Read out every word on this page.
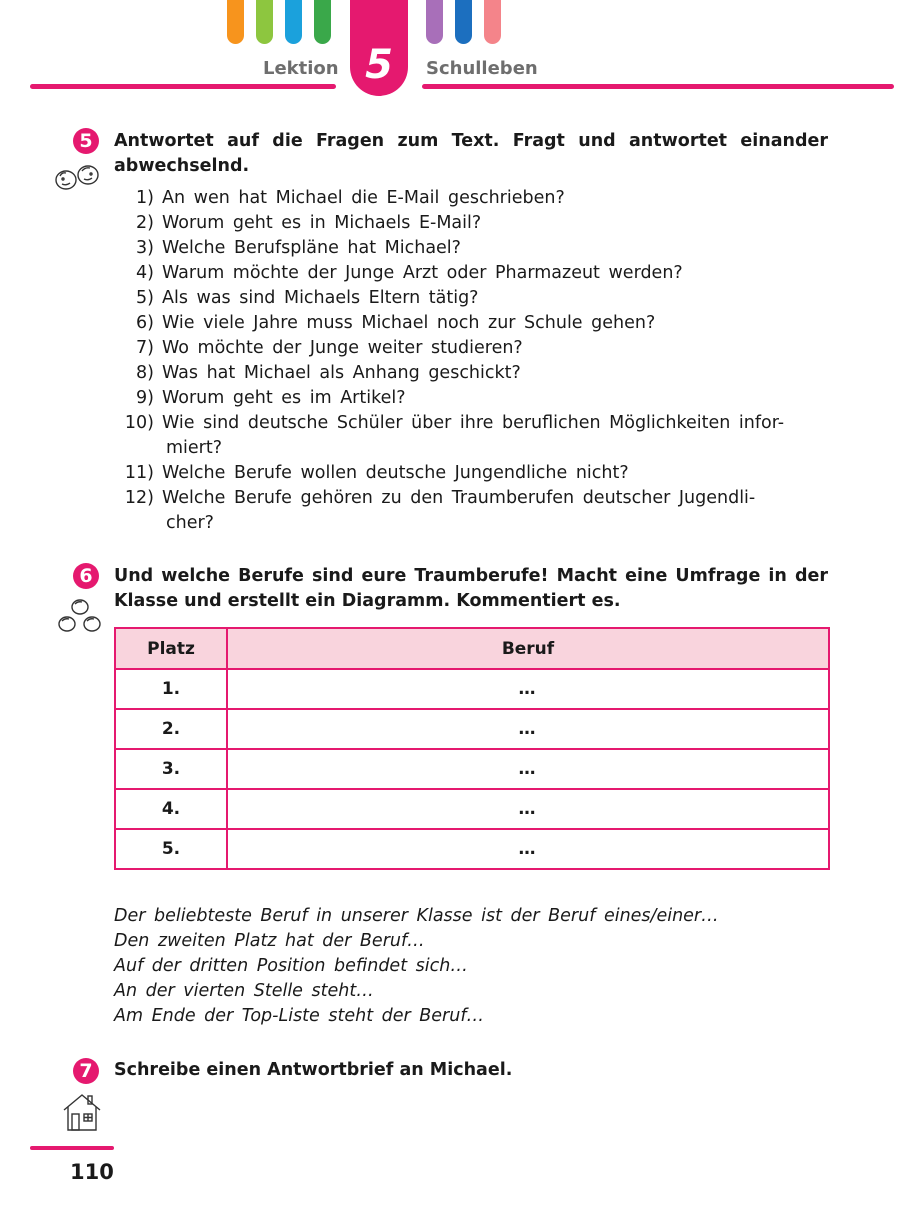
Lektion 5	Schulleben
5	Antwortet auf die Fragen zum Text. Fragt und antwortet einander abwechselnd.
1) An wen hat Michael die E-Mail geschrieben?
2) Worum geht es in Michaels E-Mail?
3) Welche Berufspläne hat Michael?
4) Warum möchte der Junge Arzt oder Pharmazeut werden?
5) Als was sind Michaels Eltern tätig?
6) Wie viele Jahre muss Michael noch zur Schule gehen?
7) Wo möchte der Junge weiter studieren?
8) Was hat Michael als Anhang geschickt?
9) Worum geht es im Artikel?
10) Wie sind deutsche Schüler über ihre beruflichen Möglichkeiten infor-
miert?
11) Welche Berufe wollen deutsche Jungendliche nicht?
12) Welche Berufe gehören zu den Traumberufen deutscher Jugendli-
cher?
6	Und welche Berufe sind eure Traumberufe! Macht eine Umfrage in der Klasse und erstellt ein Diagramm. Kommentiert es.
Platz	Beruf
1.	…
2.	…
3.	…
4.	…
5.	…
Der beliebteste Beruf in unserer Klasse ist der Beruf eines/einer…
Den zweiten Platz hat der Beruf…
Auf der dritten Position befindet sich…
An der vierten Stelle steht…
Am Ende der Top-Liste steht der Beruf…
7	Schreibe einen Antwortbrief an Michael.
110
